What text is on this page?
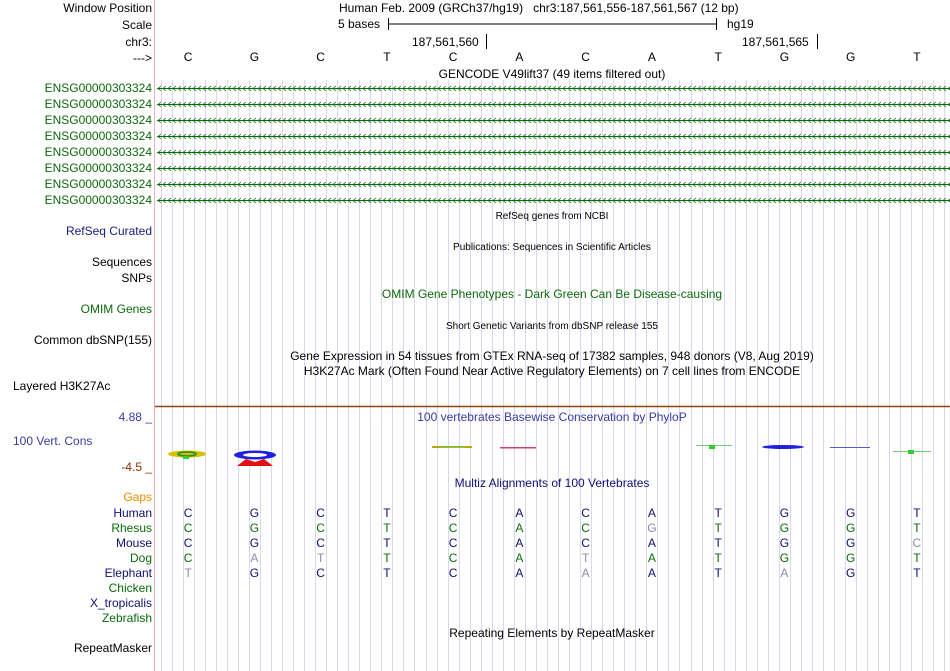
Window Position
Scale
chr3:
--->
Human Feb. 2009 (GRCh37/hg19)   chr3:187,561,556-187,561,567 (12 bp)
5 bases	hg19
187,561,560	187,561,565
C	G	C	T	C	A	C	A	T	G	G	T
GENCODE V49lift37 (49 items filtered out)
ENSG00000303324
ENSG00000303324
ENSG00000303324
ENSG00000303324
ENSG00000303324
ENSG00000303324
ENSG00000303324
ENSG00000303324
RefSeq genes from NCBI
RefSeq Curated
Publications: Sequences in Scientific Articles
Sequences
SNPs
OMIM Gene Phenotypes - Dark Green Can Be Disease-causing
OMIM Genes
Short Genetic Variants from dbSNP release 155
Common dbSNP(155)
Gene Expression in 54 tissues from GTEx RNA-seq of 17382 samples, 948 donors (V8, Aug 2019)
H3K27Ac Mark (Often Found Near Active Regulatory Elements) on 7 cell lines from ENCODE
Layered H3K27Ac
100 vertebrates Basewise Conservation by PhyloP
4.88 _
100 Vert. Cons
-4.5 _
Multiz Alignments of 100 Vertebrates
Gaps
Human
Rhesus
Mouse
Dog
Elephant
Chicken
X_tropicalis
Zebrafish
C	G	C	T	C	A	C	A	T	G	G	T
C	G	C	T	C	A	C	G	T	G	G	T
C	G	C	T	C	A	C	A	T	G	G	C
C	A	T	T	C	A	T	A	T	G	G	T
T	G	C	T	C	A	A	A	T	A	G	T
Repeating Elements by RepeatMasker
RepeatMasker
